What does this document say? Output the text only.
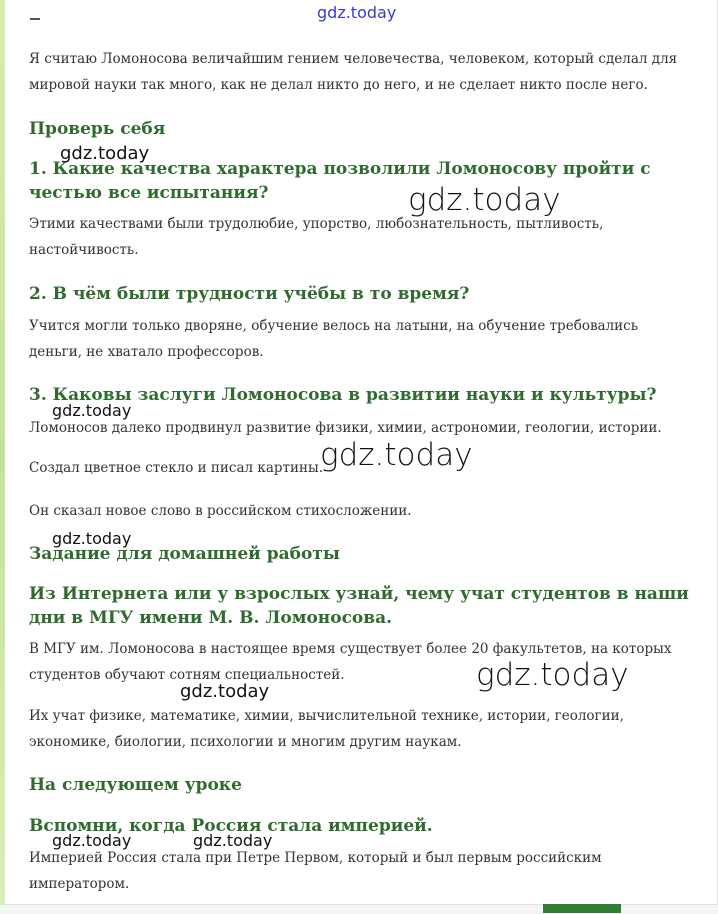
Я считаю Ломоносова величайшим гением человечества, человеком, который сделал для мировой науки так много, как не делал никто до него, и не сделает никто после него.

Проверь себя
1. Какие качества характера позволили Ломоносову пройти с честью все испытания?

Этими качествами были трудолюбие, упорство, любознательность, пытливость, настойчивость.

2. В чём были трудности учёбы в то время?

Учится могли только дворяне, обучение велось на латыни, на обучение требовались деньги, не хватало профессоров.

3. Каковы заслуги Ломоносова в развитии науки и культуры?

Ломоносов далеко продвинул развитие физики, химии, астрономии, геологии, истории.

Создал цветное стекло и писал картины.

Он сказал новое слово в российском стихосложении.

Задание для домашней работы
Из Интернета или у взрослых узнай, чему учат студентов в наши дни в МГУ имени М. В. Ломоносова.

В МГУ им. Ломоносова в настоящее время существует более 20 факультетов, на которых студентов обучают сотням специальностей.

Их учат физике, математике, химии, вычислительной технике, истории, геологии, экономике, биологии, психологии и многим другим наукам.

На следующем уроке
Вспомни, когда Россия стала империей.

Империей Россия стала при Петре Первом, который и был первым российским императором.

gdz.today
gdz.today
gdz.today
gdz.today
gdz.today
gdz.today
gdz.today
gdz.today
gdz.today	gdz.today
